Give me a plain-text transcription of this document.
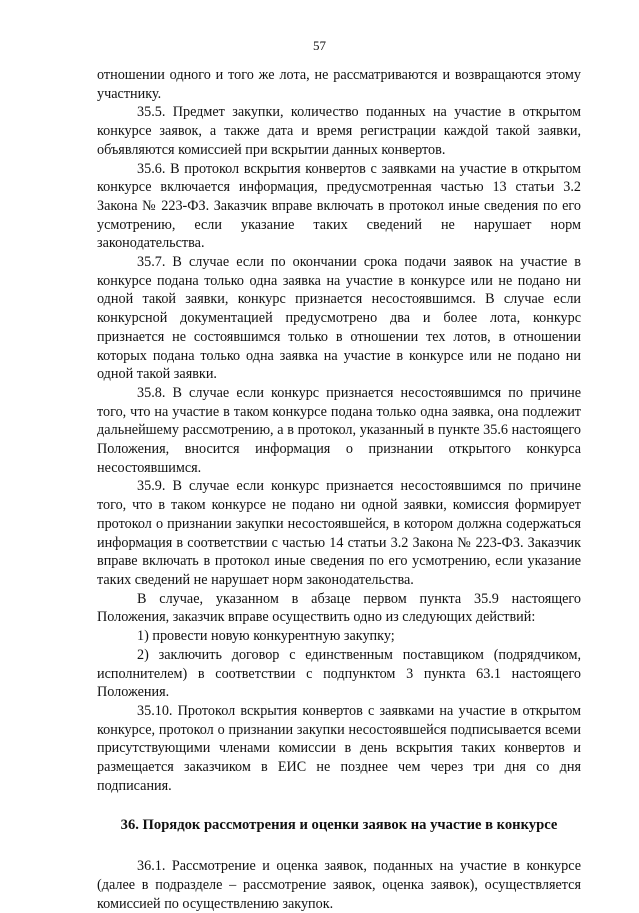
57

отношении одного и того же лота, не рассматриваются и возвращаются этому участнику.

35.5. Предмет закупки, количество поданных на участие в открытом конкурсе заявок, а также дата и время регистрации каждой такой заявки, объявляются комиссией при вскрытии данных конвертов.

35.6. В протокол вскрытия конвертов с заявками на участие в открытом конкурсе включается информация, предусмотренная частью 13 статьи 3.2 Закона № 223-ФЗ. Заказчик вправе включать в протокол иные сведения по его усмотрению, если указание таких сведений не нарушает норм законодательства.

35.7. В случае если по окончании срока подачи заявок на участие в конкурсе подана только одна заявка на участие в конкурсе или не подано ни одной такой заявки, конкурс признается несостоявшимся. В случае если конкурсной документацией предусмотрено два и более лота, конкурс признается не состоявшимся только в отношении тех лотов, в отношении которых подана только одна заявка на участие в конкурсе или не подано ни одной такой заявки.

35.8. В случае если конкурс признается несостоявшимся по причине того, что на участие в таком конкурсе подана только одна заявка, она подлежит дальнейшему рассмотрению, а в протокол, указанный в пункте 35.6 настоящего Положения, вносится информация о признании открытого конкурса несостоявшимся.

35.9. В случае если конкурс признается несостоявшимся по причине того, что в таком конкурсе не подано ни одной заявки, комиссия формирует протокол о признании закупки несостоявшейся, в котором должна содержаться информация в соответствии с частью 14 статьи 3.2 Закона № 223-ФЗ. Заказчик вправе включать в протокол иные сведения по его усмотрению, если указание таких сведений не нарушает норм законодательства.

В случае, указанном в абзаце первом пункта 35.9 настоящего Положения, заказчик вправе осуществить одно из следующих действий:

1) провести новую конкурентную закупку;

2) заключить договор с единственным поставщиком (подрядчиком, исполнителем) в соответствии с подпунктом 3 пункта 63.1 настоящего Положения.

35.10. Протокол вскрытия конвертов с заявками на участие в открытом конкурсе, протокол о признании закупки несостоявшейся подписывается всеми присутствующими членами комиссии в день вскрытия таких конвертов и размещается заказчиком в ЕИС не позднее чем через три дня со дня подписания.

36. Порядок рассмотрения и оценки заявок на участие в конкурсе

36.1. Рассмотрение и оценка заявок, поданных на участие в конкурсе (далее в подразделе – рассмотрение заявок, оценка заявок), осуществляется комиссией по осуществлению закупок.
